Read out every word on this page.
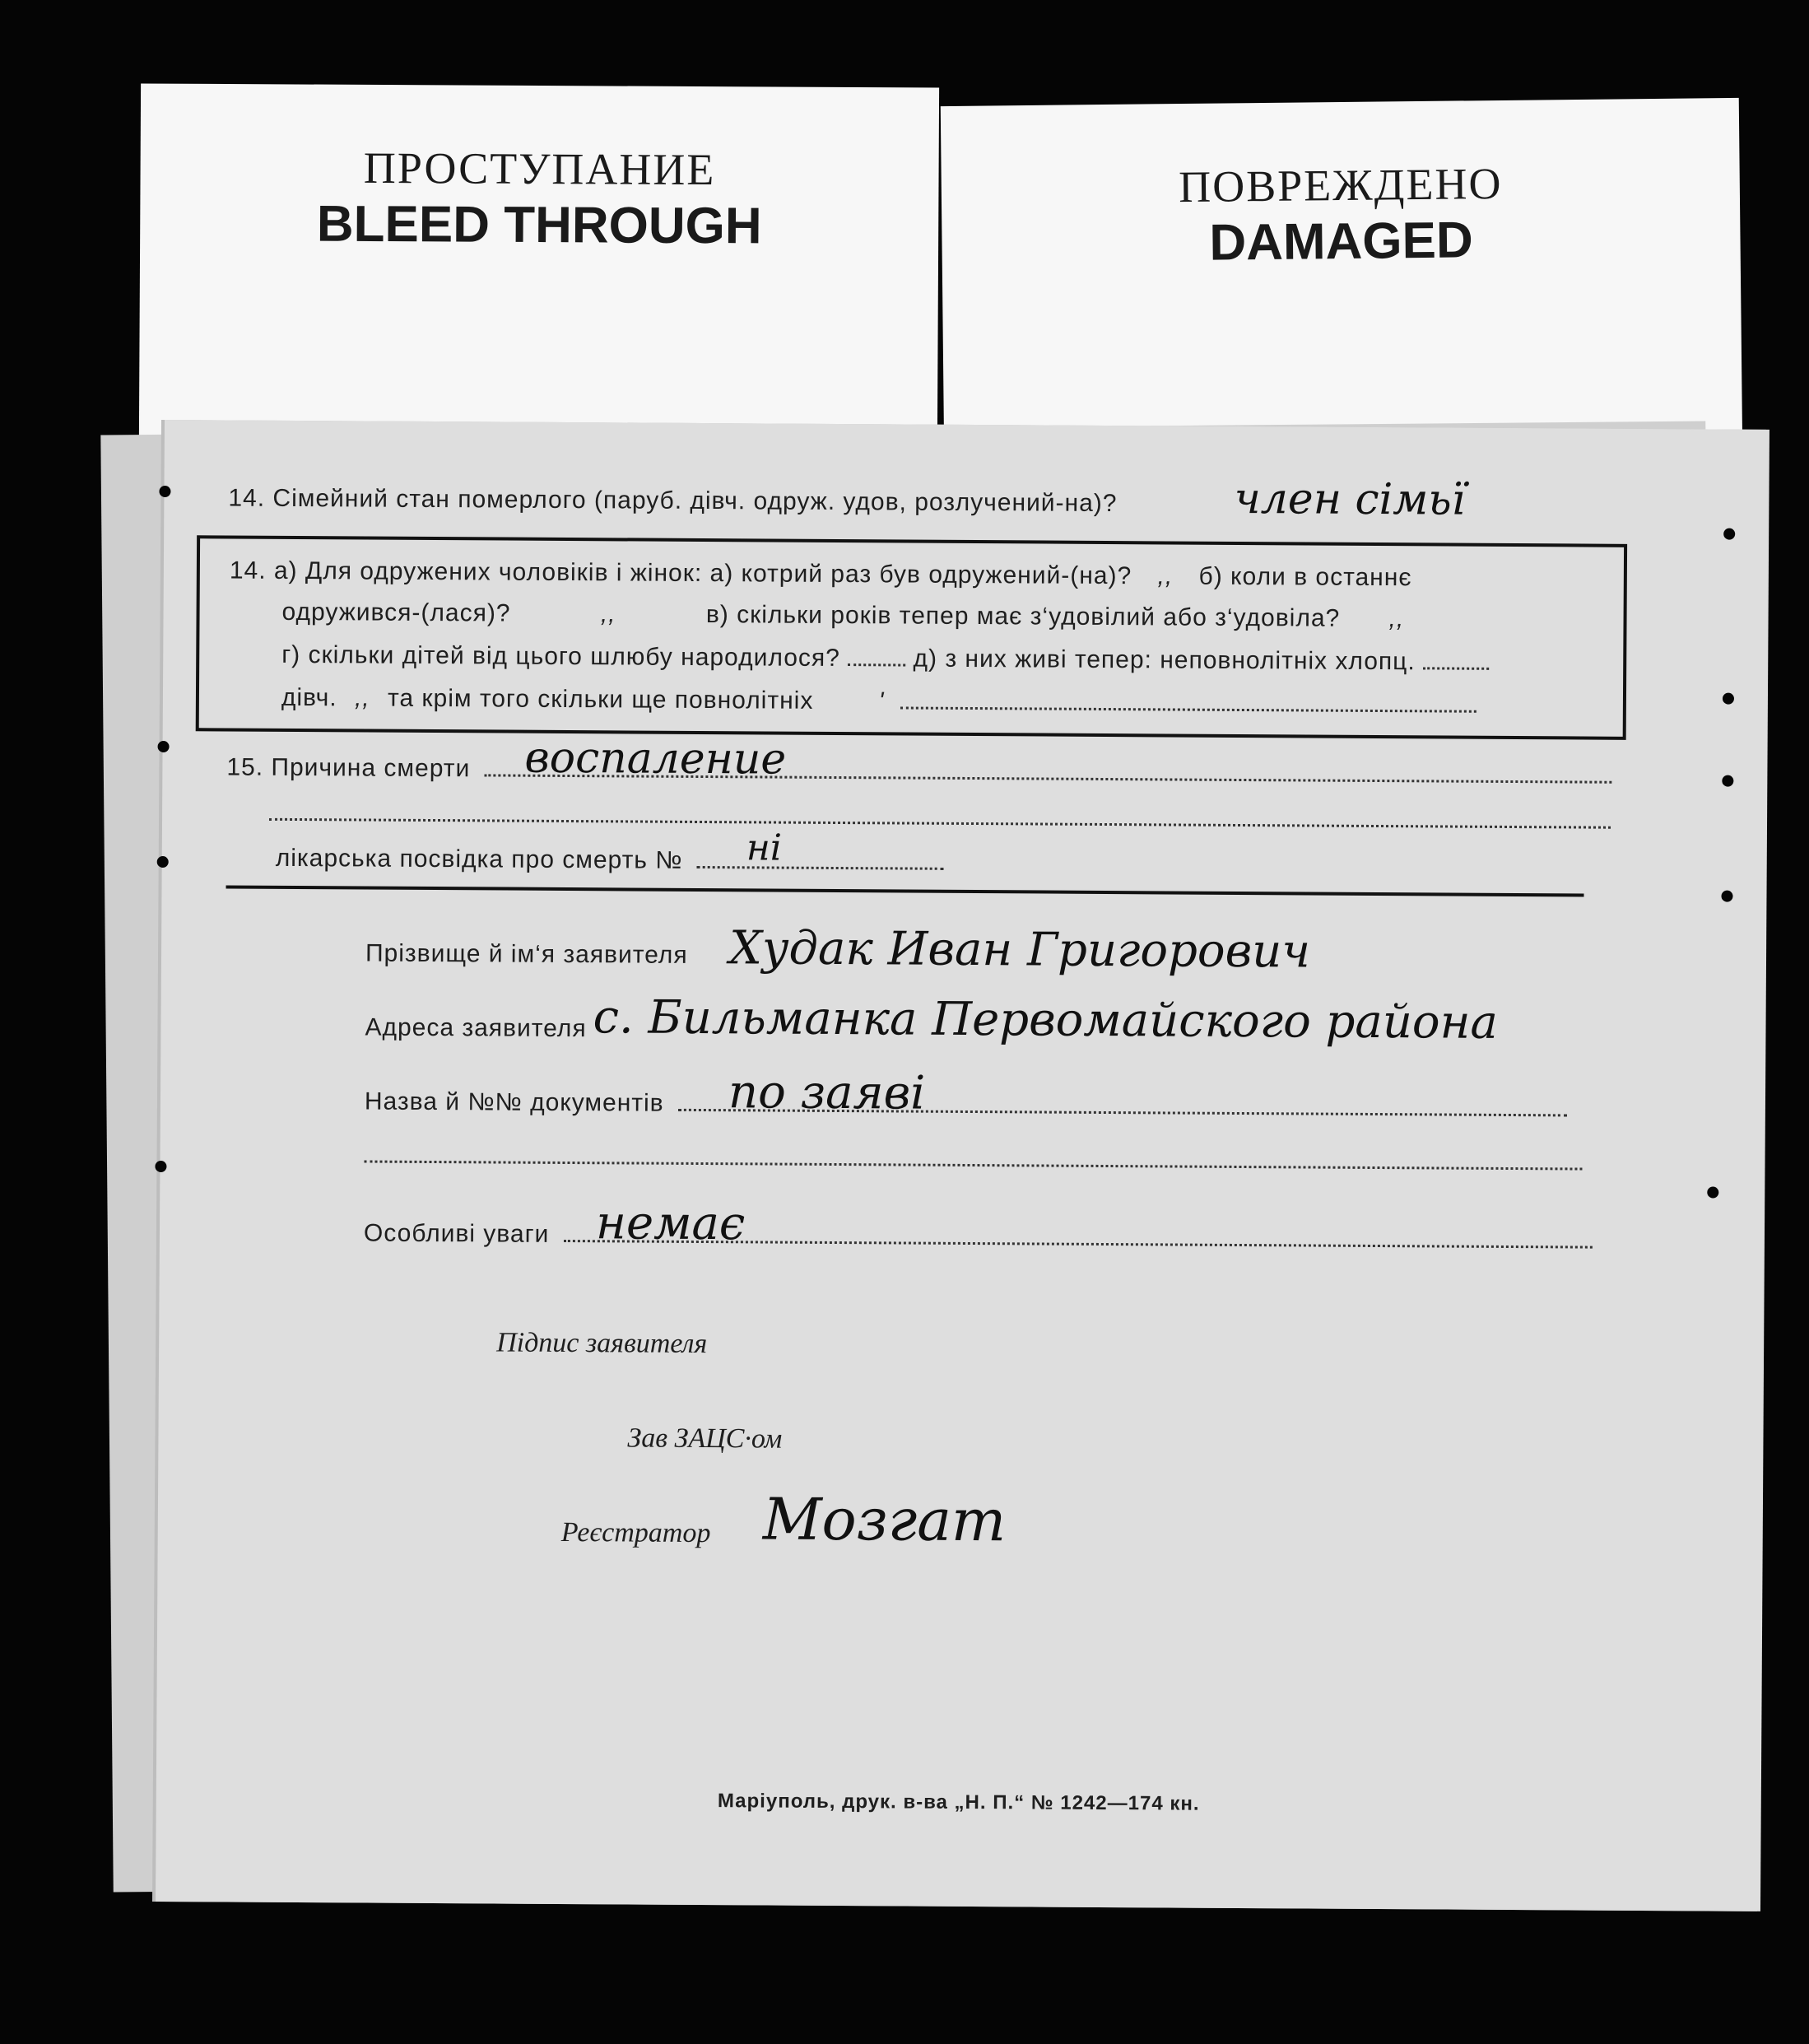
ПРОСТУПАНИЕ
BLEED THROUGH
ПОВРЕЖДЕНО
DAMAGED
14. Сімейний стан померлого (паруб. дівч. одруж. удов, розлучений-на)?	член сімьї
14. а) Для одружених чоловіків і жінок: а) котрий раз був одружений-(на)? ,, б) коли в останнє
одружився-(лася)?	,,	в) скільки років тепер має з‘удовілий або з‘удовіла? ,,
г) скільки дітей від цього шлюбу народилося?	д) з них живі тепер: неповнолітніх хлопц.
дівч. ,, та крім того скільки ще повнолітніх	'
15. Причина смерти	воспаление
лікарська посвідка про смерть №	нi
Прізвище й ім‘я заявителя Худак Иван Григорович
Адреса заявителя с. Бильманка Первомайского района
Назва й №№ документів	по заяві
Особливі уваги	немає
Підпис заявителя
Зав ЗАЦС·ом
Реєстратор Мозгат
Маріуполь, друк. в-ва „Н. П.“ № 1242—174 кн.
